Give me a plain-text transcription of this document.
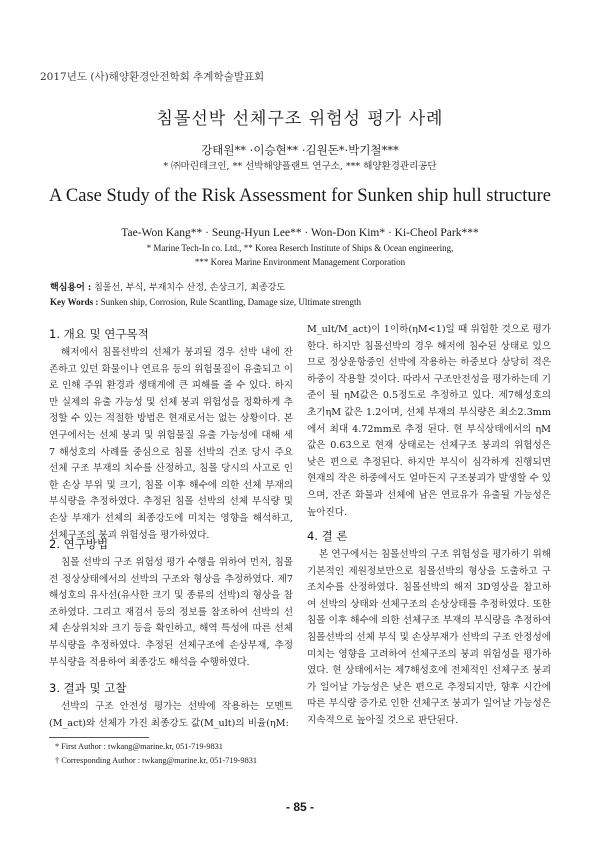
2017년도 (사)해양환경안전학회 추계학술발표회
침몰선박 선체구조 위험성 평가 사례
강태원** ·이승현** ·김원돈*·박기철***
* ㈜마린테크인, ** 선박해양플랜트 연구소, *** 해양환경관리공단
A Case Study of the Risk Assessment for Sunken ship hull structure
Tae-Won Kang** · Seung-Hyun Lee** · Won-Don Kim* · Ki-Cheol Park***
* Marine Tech-In co. Ltd., ** Korea Reserch Institute of Ships & Ocean engineering,
*** Korea Marine Environment Management Corporation
핵심용어 : 침몰선, 부식, 부재치수 산정, 손상크기, 최종강도
Key Words : Sunken ship, Corrosion, Rule Scantling, Damage size, Ultimate strength
1. 개요 및 연구목적

해저에서 침몰선박의 선체가 붕괴될 경우 선박 내에 잔존하고 있던 화물이나 연료유 등의 위험물질이 유출되고 이로 인해 주위 환경과 생태계에 큰 피해를 줄 수 있다. 하지만 실제의 유출 가능성 및 선체 붕괴 위험성을 정확하게 추정할 수 있는 적절한 방법은 현재로서는 없는 상황이다. 본 연구에서는 선체 붕괴 및 위험물질 유출 가능성에 대해 세 7 해성호의 사례를 중심으로 침몰 선박의 건조 당시 주요 선체 구조 부재의 치수를 산정하고, 침몰 당시의 사고로 인한 손상 부위 및 크기, 침몰 이후 해수에 의한 선체 부재의 부식량을 추정하였다. 추정된 침몰 선박의 선체 부식량 및 손상 부재가 선체의 최종강도에 미치는 영향을 해석하고, 선체구조의 붕괴 위험성을 평가하였다.

2. 연구방법

침몰 선박의 구조 위험성 평가 수행을 위하여 먼저, 침몰 전 정상상태에서의 선박의 구조와 형상을 추정하였다. 제7해성호의 유사선(유사한 크기 및 종류의 선박)의 형상을 참조하였다. 그리고 재검서 등의 정보를 참조하여 선박의 선체 손상위치와 크기 등을 확인하고, 해역 특성에 따른 선체 부식량을 추정하였다. 추정된 선체구조에 손상부재, 추정 부식량을 적용하여 최종강도 해석을 수행하였다.

3. 결과 및 고찰

선박의 구조 안전성 평가는 선박에 작용하는 모멘트(M_act)와 선체가 가진 최종강도 값(M_ult)의 비율(ηM:

M_ult/M_act)이 1이하(ηM<1)일 때 위험한 것으로 평가한다. 하지만 침몰선박의 경우 해저에 침수된 상태로 있으므로 정상운항중인 선박에 작용하는 하중보다 상당히 적은 하중이 작용할 것이다. 따라서 구조안전성을 평가하는데 기준이 될 ηM값은 0.5정도로 추정하고 있다. 제7해성호의 초기ηM 값은 1.2이며, 선체 부재의 부식량은 최소2.3mm에서 최대 4.72mm로 추정 된다. 현 부식상태에서의 ηM값은 0.63으로 현재 상태로는 선체구조 붕괴의 위험성은 낮은 편으로 추정된다. 하지만 부식이 심각하게 진행되면 현재의 작은 하중에서도 얼마든지 구조붕괴가 발생할 수 있으며, 잔존 화물과 선체에 남은 연료유가 유출될 가능성은 높아진다.

4. 결 론

본 연구에서는 침몰선박의 구조 위험성을 평가하기 위해 기본적인 제원정보만으로 침몰선박의 형상을 도출하고 구조치수를 산정하였다. 침몰선박의 해저 3D영상을 참고하여 선박의 상태와 선체구조의 손상상태를 추정하였다. 또한 침몰 이후 해수에 의한 선체구조 부재의 부식량을 추정하여 침몰선박의 선체 부식 및 손상부재가 선박의 구조 안정성에 미치는 영향을 고려하여 선체구조의 붕괴 위험성을 평가하였다. 현 상태에서는 제7해성호에 전체적인 선체구조 붕괴가 일어날 가능성은 낮은 편으로 추정되지만, 향후 시간에 따른 부식량 증가로 인한 선체구조 붕괴가 일어날 가능성은 지속적으로 높아질 것으로 판단된다.

* First Author : twkang@marine.kr, 051-719-9831
† Corresponding Author : twkang@marine.kr, 051-719-9831
- 85 -
